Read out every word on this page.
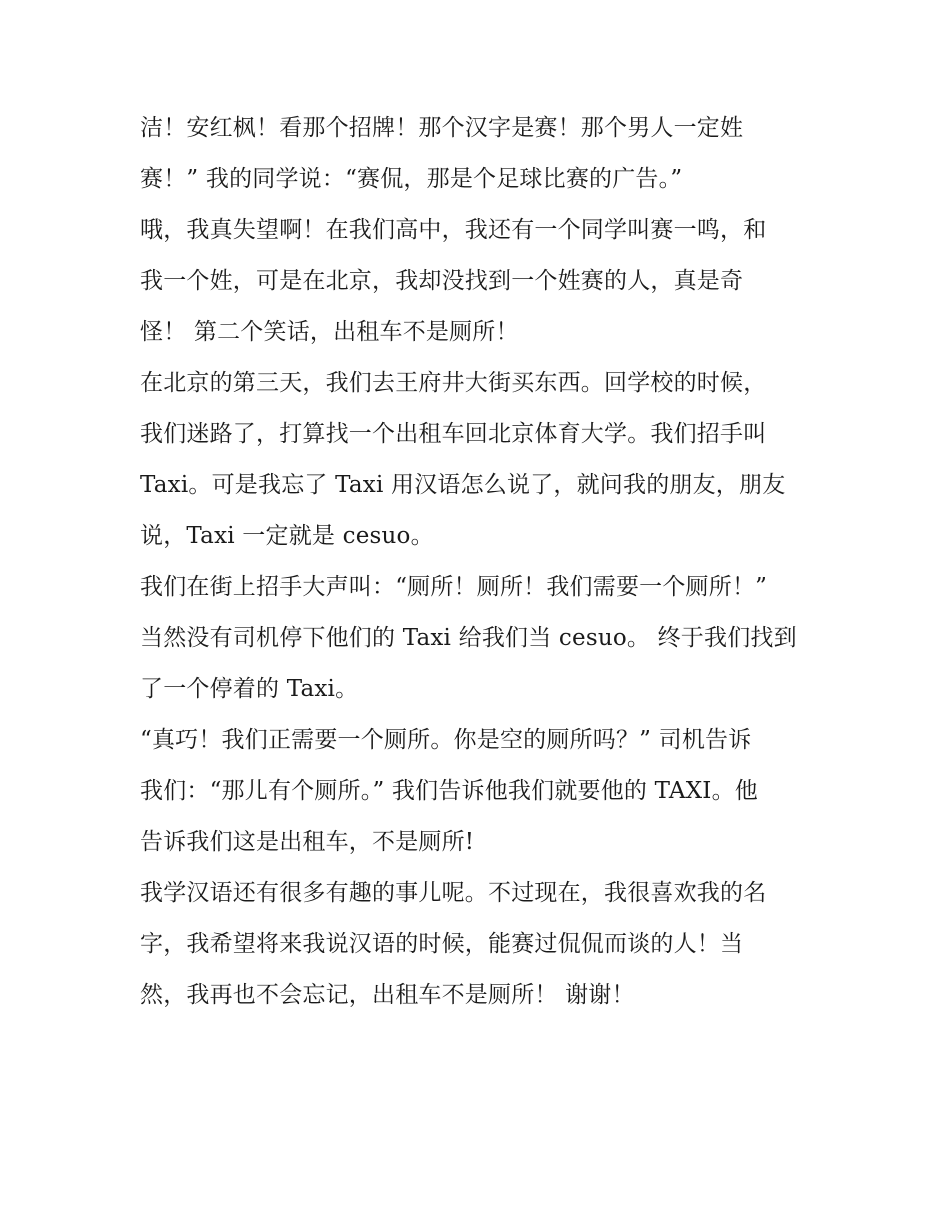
洁！安红枫！看那个招牌！那个汉字是赛！那个男人一定姓
赛！” 我的同学说：“赛侃，那是个足球比赛的广告。”
哦，我真失望啊！在我们高中，我还有一个同学叫赛一鸣，和
我一个姓，可是在北京，我却没找到一个姓赛的人，真是奇
怪！ 第二个笑话，出租车不是厕所！
在北京的第三天，我们去王府井大街买东西。回学校的时候，
我们迷路了，打算找一个出租车回北京体育大学。我们招手叫
Taxi。可是我忘了 Taxi 用汉语怎么说了，就问我的朋友，朋友
说，Taxi 一定就是 cesuo。
我们在街上招手大声叫：“厕所！厕所！我们需要一个厕所！”
当然没有司机停下他们的 Taxi 给我们当 cesuo。 终于我们找到
了一个停着的 Taxi。
“真巧！我们正需要一个厕所。你是空的厕所吗？” 司机告诉
我们：“那儿有个厕所。” 我们告诉他我们就要他的 TAXI。他
告诉我们这是出租车，不是厕所!
我学汉语还有很多有趣的事儿呢。不过现在，我很喜欢我的名
字，我希望将来我说汉语的时候，能赛过侃侃而谈的人！当
然，我再也不会忘记，出租车不是厕所！ 谢谢！
